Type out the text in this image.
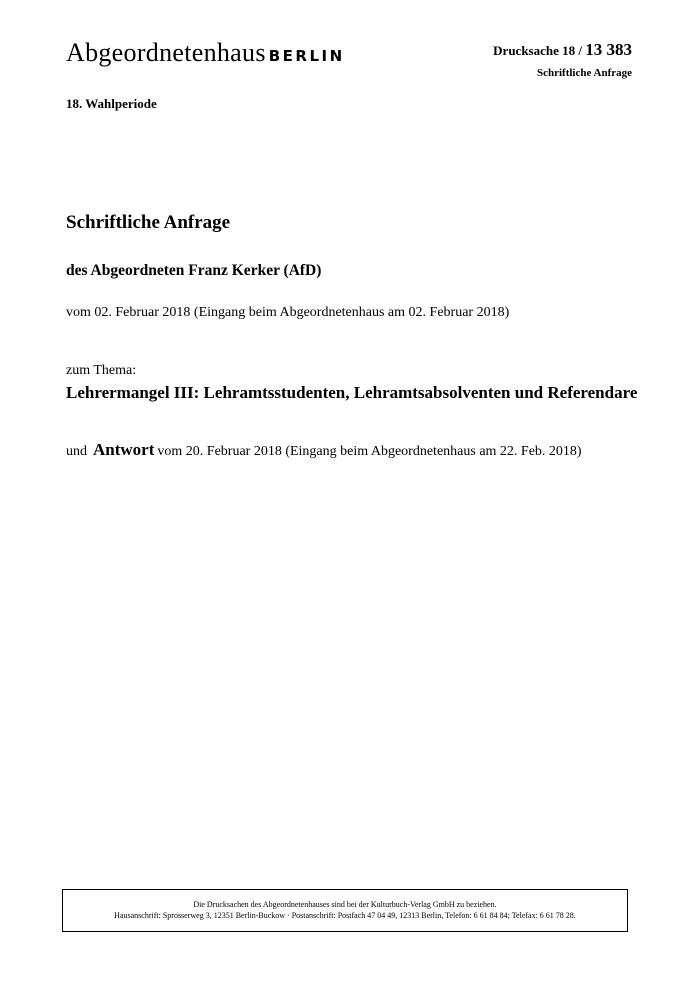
Abgeordnetenhaus BERLIN	Drucksache 18 / 13 383
Schriftliche Anfrage
18. Wahlperiode
Schriftliche Anfrage
des Abgeordneten Franz Kerker (AfD)
vom 02. Februar 2018 (Eingang beim Abgeordnetenhaus am 02. Februar 2018)
zum Thema:
Lehrermangel III: Lehramtsstudenten, Lehramtsabsolventen und Referendare
und Antwort vom 20. Februar 2018 (Eingang beim Abgeordnetenhaus am 22. Feb. 2018)
Die Drucksachen des Abgeordnetenhauses sind bei der Kulturbuch-Verlag GmbH zu beziehen.
Hausanschrift: Sprosserweg 3, 12351 Berlin-Buckow · Postanschrift: Postfach 47 04 49, 12313 Berlin, Telefon: 6 61 84 84; Telefax: 6 61 78 28.
